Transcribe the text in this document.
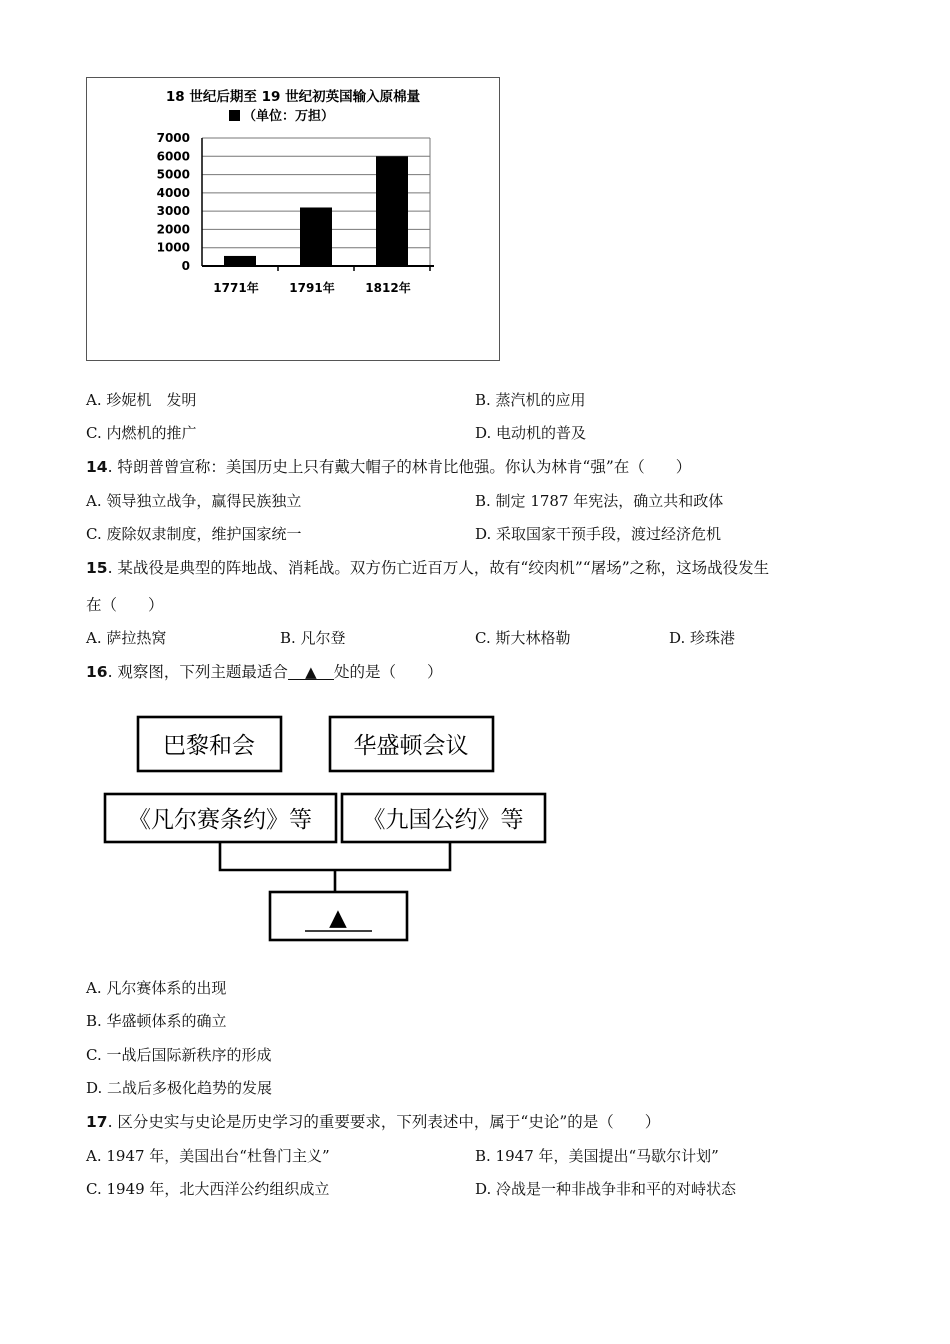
18 世纪后期至 19 世纪初英国输入原棉量
（单位：万担）
7000
6000
5000
4000
3000
2000
1000
0
1771年	1791年	1812年
A. 珍妮机　发明	B. 蒸汽机的应用
C. 内燃机的推广	D. 电动机的普及
14. 特朗普曾宣称：美国历史上只有戴大帽子的林肯比他强。你认为林肯“强”在（　　）
A. 领导独立战争，赢得民族独立	B. 制定 1787 年宪法，确立共和政体
C. 废除奴隶制度，维护国家统一	D. 采取国家干预手段，渡过经济危机
15. 某战役是典型的阵地战、消耗战。双方伤亡近百万人，故有“绞肉机”“屠场”之称，这场战役发生
在（　　）
A. 萨拉热窝	B. 凡尔登	C. 斯大林格勒	D. 珍珠港
16. 观察图，下列主题最适合 ▲ 处的是（　　）
巴黎和会	华盛顿会议
《凡尔赛条约》等 《九国公约》等
▲
A. 凡尔赛体系的出现
B. 华盛顿体系的确立
C. 一战后国际新秩序的形成
D. 二战后多极化趋势的发展
17. 区分史实与史论是历史学习的重要要求，下列表述中，属于“史论”的是（　　）
A. 1947 年，美国出台“杜鲁门主义”	B. 1947 年，美国提出“马歇尔计划”
C. 1949 年，北大西洋公约组织成立	D. 冷战是一种非战争非和平的对峙状态
